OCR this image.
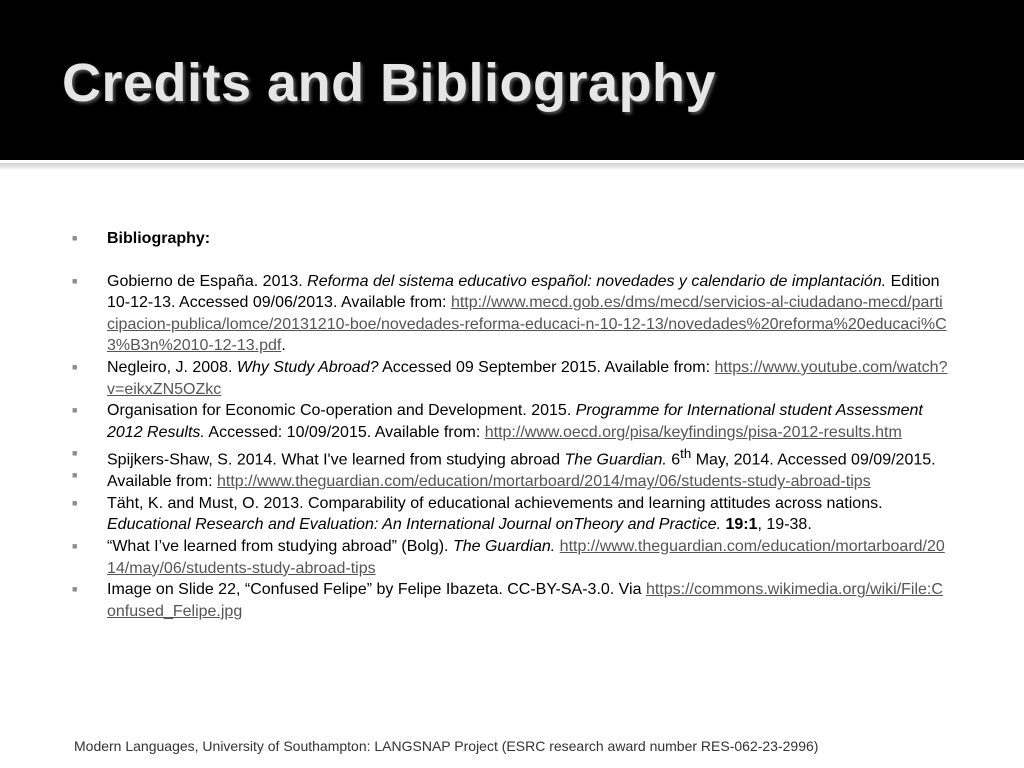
Credits and Bibliography

■ Bibliography:

■ Gobierno de España. 2013. Reforma del sistema educativo español: novedades y calendario de implantación. Edition 10-12-13. Accessed 09/06/2013. Available from: http://www.mecd.gob.es/dms/mecd/servicios-al-ciudadano-mecd/participacion-publica/lomce/20131210-boe/novedades-reforma-educaci-n-10-12-13/novedades%20reforma%20educaci%C3%B3n%2010-12-13.pdf.

■ Negleiro, J. 2008. Why Study Abroad? Accessed 09 September 2015. Available from: https://www.youtube.com/watch?v=eikxZN5OZkc

■ Organisation for Economic Co-operation and Development. 2015. Programme for International student Assessment 2012 Results. Accessed: 10/09/2015. Available from: http://www.oecd.org/pisa/keyfindings/pisa-2012-results.htm

■
■
Spijkers-Shaw, S. 2014. What I've learned from studying abroad The Guardian. 6th May, 2014. Accessed 09/09/2015. Available from: http://www.theguardian.com/education/mortarboard/2014/may/06/students-study-abroad-tips

■ Täht, K. and Must, O. 2013. Comparability of educational achievements and learning attitudes across nations. Educational Research and Evaluation: An International Journal onTheory and Practice. 19:1, 19-38.

■ “What I’ve learned from studying abroad” (Bolg). The Guardian. http://www.theguardian.com/education/mortarboard/2014/may/06/students-study-abroad-tips

■ Image on Slide 22, “Confused Felipe” by Felipe Ibazeta. CC-BY-SA-3.0. Via https://commons.wikimedia.org/wiki/File:Confused_Felipe.jpg

Modern Languages, University of Southampton: LANGSNAP Project (ESRC research award number RES-062-23-2996)
